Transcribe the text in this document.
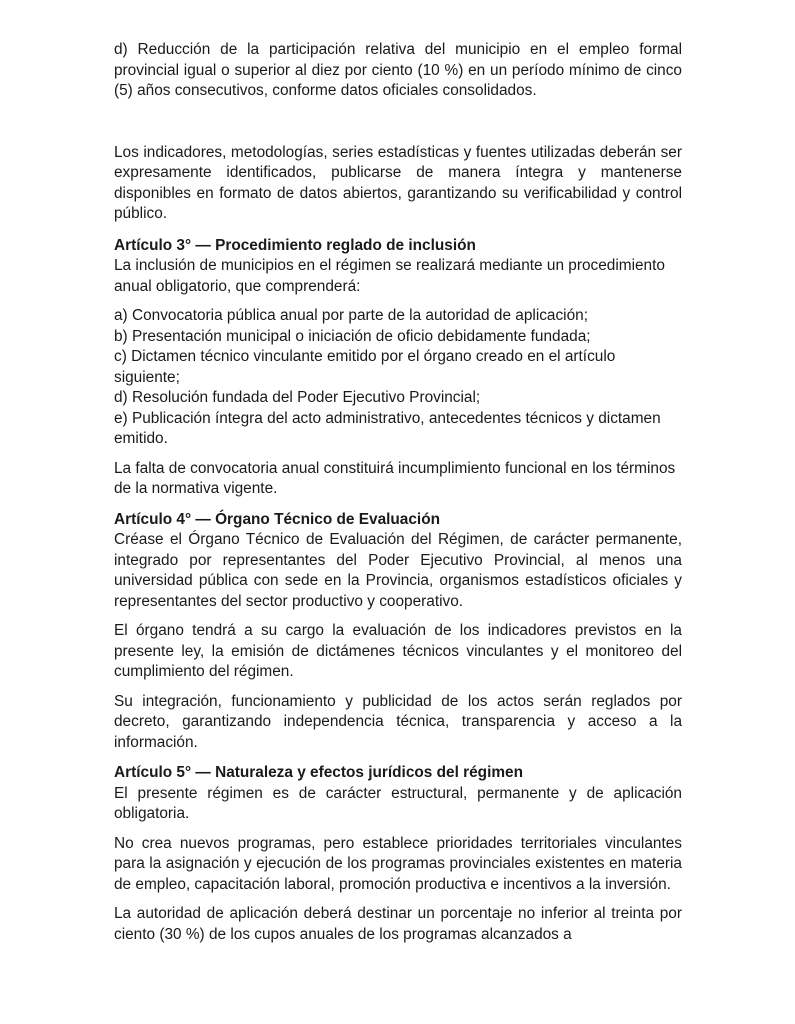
d) Reducción de la participación relativa del municipio en el empleo formal provincial igual o superior al diez por ciento (10 %) en un período mínimo de cinco (5) años consecutivos, conforme datos oficiales consolidados.

Los indicadores, metodologías, series estadísticas y fuentes utilizadas deberán ser expresamente identificados, publicarse de manera íntegra y mantenerse disponibles en formato de datos abiertos, garantizando su verificabilidad y control público.

Artículo 3° — Procedimiento reglado de inclusión

La inclusión de municipios en el régimen se realizará mediante un procedimiento anual obligatorio, que comprenderá:

a) Convocatoria pública anual por parte de la autoridad de aplicación;
b) Presentación municipal o iniciación de oficio debidamente fundada;
c) Dictamen técnico vinculante emitido por el órgano creado en el artículo siguiente;
d) Resolución fundada del Poder Ejecutivo Provincial;
e) Publicación íntegra del acto administrativo, antecedentes técnicos y dictamen emitido.

La falta de convocatoria anual constituirá incumplimiento funcional en los términos de la normativa vigente.

Artículo 4° — Órgano Técnico de Evaluación

Créase el Órgano Técnico de Evaluación del Régimen, de carácter permanente, integrado por representantes del Poder Ejecutivo Provincial, al menos una universidad pública con sede en la Provincia, organismos estadísticos oficiales y representantes del sector productivo y cooperativo.

El órgano tendrá a su cargo la evaluación de los indicadores previstos en la presente ley, la emisión de dictámenes técnicos vinculantes y el monitoreo del cumplimiento del régimen.

Su integración, funcionamiento y publicidad de los actos serán reglados por decreto, garantizando independencia técnica, transparencia y acceso a la información.

Artículo 5° — Naturaleza y efectos jurídicos del régimen

El presente régimen es de carácter estructural, permanente y de aplicación obligatoria.

No crea nuevos programas, pero establece prioridades territoriales vinculantes para la asignación y ejecución de los programas provinciales existentes en materia de empleo, capacitación laboral, promoción productiva e incentivos a la inversión.

La autoridad de aplicación deberá destinar un porcentaje no inferior al treinta por ciento (30 %) de los cupos anuales de los programas alcanzados a
